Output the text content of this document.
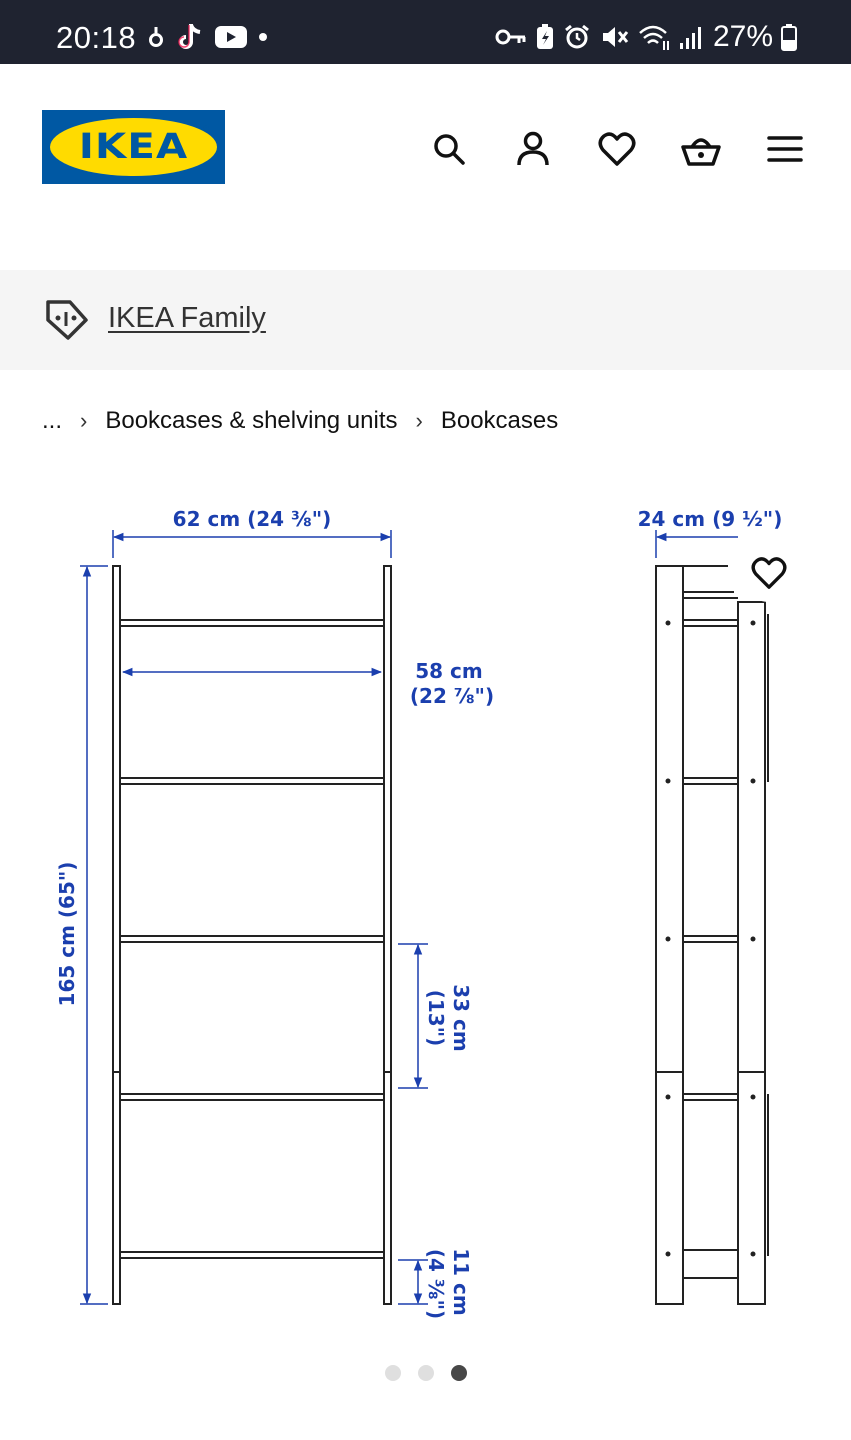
20:18	27%
IKEA ®
IKEA Family
... › Bookcases & shelving units › Bookcases
62 cm (24 ⅜")	24 cm (9 ½")
58 cm
(22 ⅞")
165 cm (65")
33 cm
(13")
11 cm
(4 ⅜")
